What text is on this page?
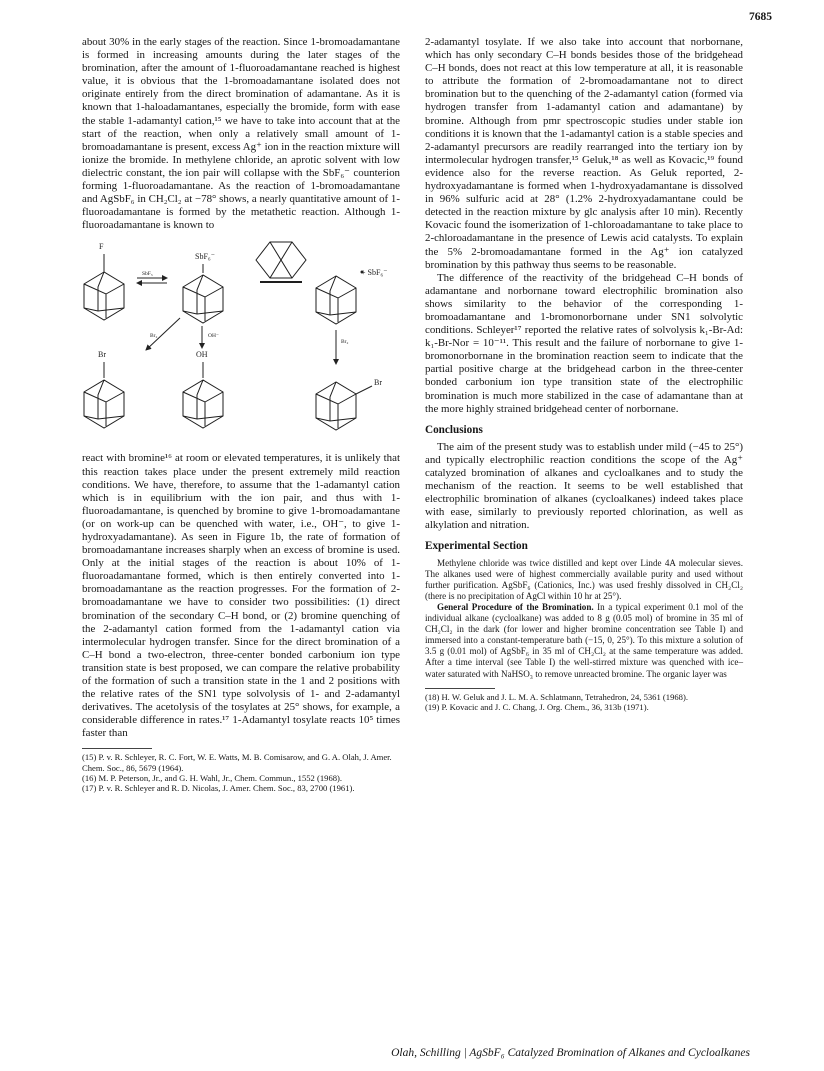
7685

about 30% in the early stages of the reaction. Since 1-bromoadamantane is formed in increasing amounts during the later stages of the bromination, after the amount of 1-fluoroadamantane reached is highest value, it is obvious that the 1-bromoadamantane isolated does not originate entirely from the direct bromination of adamantane. As it is known that 1-haloadamantanes, especially the bromide, form with ease the stable 1-adamantyl cation,¹⁵ we have to take into account that at the start of the reaction, when only a relatively small amount of 1-bromoadamantane is present, excess Ag⁺ ion in the reaction mixture will ionize the bromide. In methylene chloride, an aprotic solvent with low dielectric constant, the ion pair will collapse with the SbF₆⁻ counterion forming 1-fluoroadamantane. As the reaction of 1-bromoadamantane and AgSbF₆ in CH₂Cl₂ at −78° shows, a nearly quantitative amount of 1-fluoroadamantane is formed by the metathetic reaction. Although 1-fluoroadamantane is known to

F
SbF₅
SbF₆⁻
+ SbF₆⁻
Br₂	OH⁻
Br₂
Br	OH
Br

react with bromine¹⁶ at room or elevated temperatures, it is unlikely that this reaction takes place under the present extremely mild reaction conditions. We have, therefore, to assume that the 1-adamantyl cation which is in equilibrium with the ion pair, and thus with 1-fluoroadamantane, is quenched by bromine to give 1-bromoadamantane (or on work-up can be quenched with water, i.e., OH⁻, to give 1-hydroxyadamantane). As seen in Figure 1b, the rate of formation of bromoadamantane increases sharply when an excess of bromine is used. Only at the initial stages of the reaction is about 10% of 1-fluoroadamantane formed, which is then entirely converted into 1-bromoadamantane as the reaction progresses. For the formation of 2-bromoadamantane we have to consider two possibilities: (1) direct bromination of the secondary C–H bond, or (2) bromine quenching of the 2-adamantyl cation formed from the 1-adamantyl cation via intermolecular hydrogen transfer. Since for the direct bromination of a C–H bond a two-electron, three-center bonded carbonium ion type transition state is best proposed, we can compare the relative probability of the formation of such a transition state in the 1 and 2 positions with the relative rates of the SN1 type solvolysis of 1- and 2-adamantyl derivatives. The acetolysis of the tosylates at 25° shows, for example, a considerable difference in rates.¹⁷ 1-Adamantyl tosylate reacts 10⁵ times faster than

(15) P. v. R. Schleyer, R. C. Fort, W. E. Watts, M. B. Comisarow, and G. A. Olah, J. Amer. Chem. Soc., 86, 5679 (1964).

(16) M. P. Peterson, Jr., and G. H. Wahl, Jr., Chem. Commun., 1552 (1968).

(17) P. v. R. Schleyer and R. D. Nicolas, J. Amer. Chem. Soc., 83, 2700 (1961).

2-adamantyl tosylate. If we also take into account that norbornane, which has only secondary C–H bonds besides those of the bridgehead C–H bonds, does not react at this low temperature at all, it is reasonable to attribute the formation of 2-bromoadamantane not to direct bromination but to the quenching of the 2-adamantyl cation (formed via hydrogen transfer from 1-adamantyl cation and adamantane) by bromine. Although from pmr spectroscopic studies under stable ion conditions it is known that the 1-adamantyl cation is a stable species and 2-adamantyl precursors are readily rearranged into the tertiary ion by intermolecular hydrogen transfer,¹⁵ Geluk,¹⁸ as well as Kovacic,¹⁹ found evidence also for the reverse reaction. As Geluk reported, 2-hydroxyadamantane is formed when 1-hydroxyadamantane is dissolved in 96% sulfuric acid at 28° (1.2% 2-hydroxyadamantane could be detected in the reaction mixture by glc analysis after 10 min). Recently Kovacic found the isomerization of 1-chloroadamantane to take place to 2-chloroadamantane in the presence of Lewis acid catalysts. To explain the 5% 2-bromoadamantane formed in the Ag⁺ ion catalyzed bromination by this pathway thus seems to be reasonable.

The difference of the reactivity of the bridgehead C–H bonds of adamantane and norbornane toward electrophilic bromination also shows similarity to the behavior of the corresponding 1-bromoadamantane and 1-bromonorbornane under SN1 solvolytic conditions. Schleyer¹⁷ reported the relative rates of solvolysis k₁-Br-Ad: k₁-Br-Nor = 10⁻¹¹. This result and the failure of norbornane to give 1-bromonorbornane in the bromination reaction seem to indicate that the partial positive charge at the bridgehead carbon in the three-center bonded carbonium ion type transition state of the electrophilic bromination is much more stabilized in the case of adamantane than at the more highly strained bridgehead center of norbornane.

Conclusions

The aim of the present study was to establish under mild (−45 to 25°) and typically electrophilic reaction conditions the scope of the Ag⁺ catalyzed bromination of alkanes and cycloalkanes and to study the mechanism of the reaction. It seems to be well established that electrophilic bromination of alkanes (cycloalkanes) indeed takes place with ease, similarly to previously reported chlorination, as well as alkylation and nitration.

Experimental Section

Methylene chloride was twice distilled and kept over Linde 4A molecular sieves. The alkanes used were of highest commercially available purity and used without further purification. AgSbF₆ (Cationics, Inc.) was used freshly dissolved in CH₂Cl₂ (there is no precipitation of AgCl within 10 hr at 25°).

General Procedure of the Bromination. In a typical experiment 0.1 mol of the individual alkane (cycloalkane) was added to 8 g (0.05 mol) of bromine in 35 ml of CH₂Cl₂ in the dark (for lower and higher bromine concentration see Table I) and immersed into a constant-temperature bath (−15, 0, 25°). To this mixture a solution of 3.5 g (0.01 mol) of AgSbF₆ in 35 ml of CH₂Cl₂ at the same temperature was added. After a time interval (see Table I) the well-stirred mixture was quenched with ice–water saturated with NaHSO₃ to remove unreacted bromine. The organic layer was

(18) H. W. Geluk and J. L. M. A. Schlatmann, Tetrahedron, 24, 5361 (1968).

(19) P. Kovacic and J. C. Chang, J. Org. Chem., 36, 313b (1971).

Olah, Schilling | AgSbF₆ Catalyzed Bromination of Alkanes and Cycloalkanes
